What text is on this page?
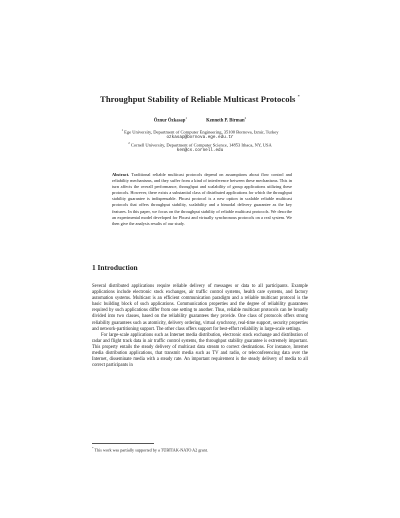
Throughput Stability of Reliable Multicast Protocols *
Öznur Özkasap$^1$ Kenneth P. Birman$^2$
$^1$ Ege University, Department of Computer Engineering, 35100 Bornova, Izmir, Turkey
ozkasap@bornova.ege.edu.tr
$^2$ Cornell University, Department of Computer Science, 14853 Ithaca, NY, USA
ken@cs.cornell.edu
Abstract. Traditional reliable multicast protocols depend on assumptions about flow control and reliability mechanisms, and they suffer from a kind of interference between these mechanisms. This in turn affects the overall performance, throughput and scalability of group applications utilizing these protocols. However, there exists a substantial class of distributed applications for which the throughput stability guarantee is indispensable. Pbcast protocol is a new option in scalable reliable multicast protocols that offers throughput stability, scalability and a bimodal delivery guarantee as the key features. In this paper, we focus on the throughput stability of reliable multicast protocols. We describe an experimental model developed for Pbcast and virtually synchronous protocols on a real system. We then give the analysis results of our study.
1 Introduction

Several distributed applications require reliable delivery of messages or data to all participants. Example applications include electronic stock exchanges, air traffic control systems, health care systems, and factory automation systems. Multicast is an efficient communication paradigm and a reliable multicast protocol is the basic building block of such applications. Communication properties and the degree of reliability guarantees required by such applications differ from one setting to another. Thus, reliable multicast protocols can be broadly divided into two classes, based on the reliability guarantees they provide. One class of protocols offers strong reliability guarantees such as atomicity, delivery ordering, virtual synchrony, real-time support, security properties and network-partitioning support. The other class offers support for best-effort reliability in large-scale settings.

For large-scale applications such as Internet media distribution, electronic stock exchange and distribution of radar and flight track data in air traffic control systems, the throughput stability guarantee is extremely important. This property entails the steady delivery of multicast data stream to correct destinations. For instance, Internet media distribution applications, that transmit media such as TV and radio, or teleconferencing data over the Internet, disseminate media with a steady rate. An important requirement is the steady delivery of media to all correct participants in

* This work was partially supported by a TÜBİTAK-NATO A2 grant.
